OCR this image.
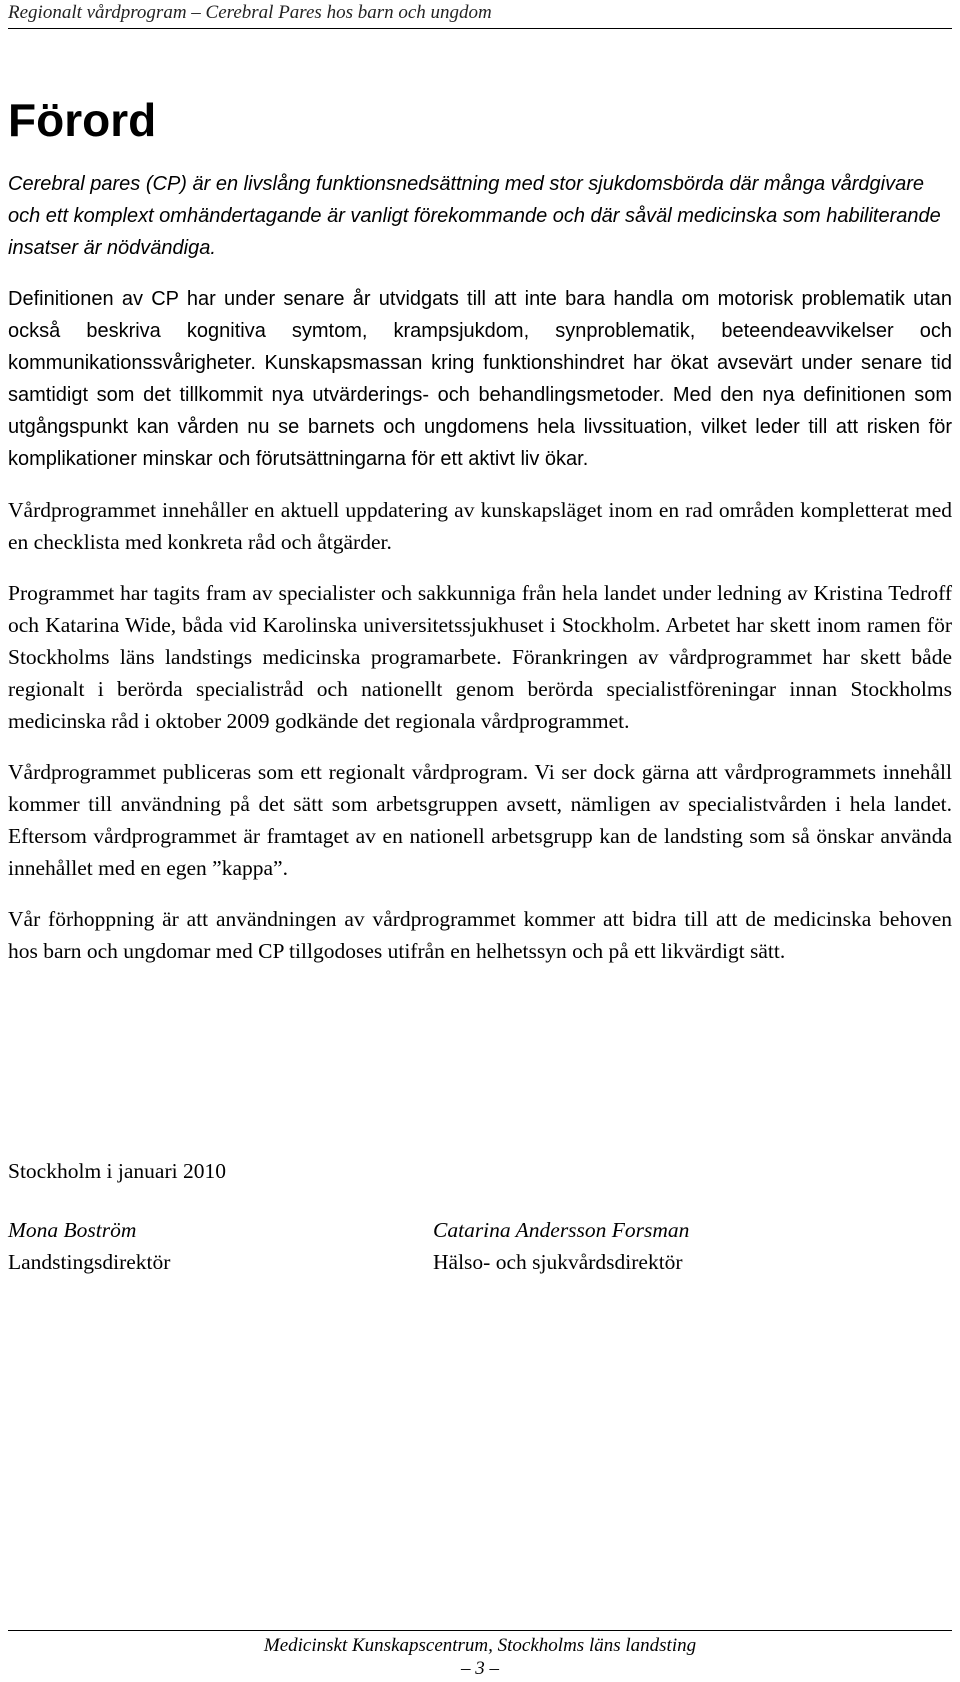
Regionalt vårdprogram – Cerebral Pares hos barn och ungdom
Förord

Cerebral pares (CP) är en livslång funktionsnedsättning med stor sjukdomsbörda där många vårdgivare och ett komplext omhändertagande är vanligt förekommande och där såväl medicinska som habiliterande insatser är nödvändiga.

Definitionen av CP har under senare år utvidgats till att inte bara handla om motorisk problematik utan också beskriva kognitiva symtom, krampsjukdom, synproblematik, beteendeavvikelser och kommunikationssvårigheter. Kunskapsmassan kring funktionshindret har ökat avsevärt under senare tid samtidigt som det tillkommit nya utvärderings- och behandlingsmetoder. Med den nya definitionen som utgångspunkt kan vården nu se barnets och ungdomens hela livssituation, vilket leder till att risken för komplikationer minskar och förutsättningarna för ett aktivt liv ökar.

Vårdprogrammet innehåller en aktuell uppdatering av kunskapsläget inom en rad områden kompletterat med en checklista med konkreta råd och åtgärder.

Programmet har tagits fram av specialister och sakkunniga från hela landet under ledning av Kristina Tedroff och Katarina Wide, båda vid Karolinska universitetssjukhuset i Stockholm. Arbetet har skett inom ramen för Stockholms läns landstings medicinska programarbete. Förankringen av vårdprogrammet har skett både regionalt i berörda specialistråd och nationellt genom berörda specialistföreningar innan Stockholms medicinska råd i oktober 2009 godkände det regionala vårdprogrammet.

Vårdprogrammet publiceras som ett regionalt vårdprogram. Vi ser dock gärna att vårdprogrammets innehåll kommer till användning på det sätt som arbetsgruppen avsett, nämligen av specialistvården i hela landet. Eftersom vårdprogrammet är framtaget av en nationell arbetsgrupp kan de landsting som så önskar använda innehållet med en egen ”kappa”.

Vår förhoppning är att användningen av vårdprogrammet kommer att bidra till att de medicinska behoven hos barn och ungdomar med CP tillgodoses utifrån en helhetssyn och på ett likvärdigt sätt.

Stockholm i januari 2010
Mona Boström
Landstingsdirektör
Catarina Andersson Forsman
Hälso- och sjukvårdsdirektör
Medicinskt Kunskapscentrum, Stockholms läns landsting
– 3 –
